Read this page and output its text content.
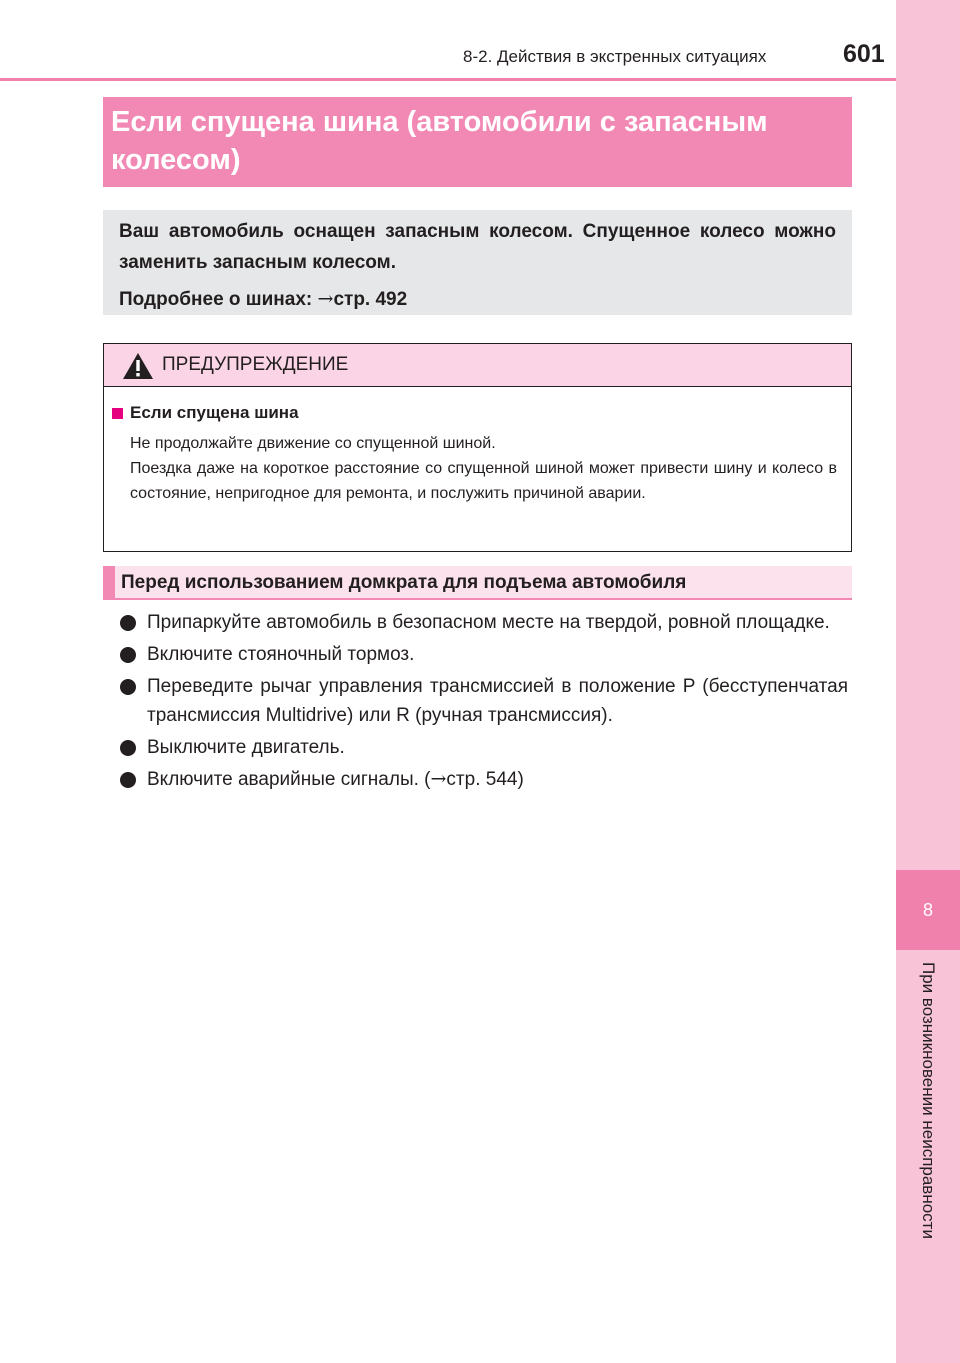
8
При возникновении неисправности
8-2. Действия в экстренных ситуациях	601
Если спущена шина (автомобили с запасным
колесом)

Ваш автомобиль оснащен запасным колесом. Спущенное колесо можно заменить запасным колесом.

Подробнее о шинах: →стр. 492

ПРЕДУПРЕЖДЕНИЕ
Если спущена шина

Не продолжайте движение со спущенной шиной.

Поездка даже на короткое расстояние со спущенной шиной может привести шину и колесо в состояние, непригодное для ремонта, и послужить причиной аварии.

Перед использованием домкрата для подъема автомобиля
Припаркуйте автомобиль в безопасном месте на твердой, ровной площадке.
Включите стояночный тормоз.
Переведите рычаг управления трансмиссией в положение P (бесступенчатая трансмиссия Multidrive) или R (ручная трансмиссия).
Выключите двигатель.
Включите аварийные сигналы. (→стр. 544)
